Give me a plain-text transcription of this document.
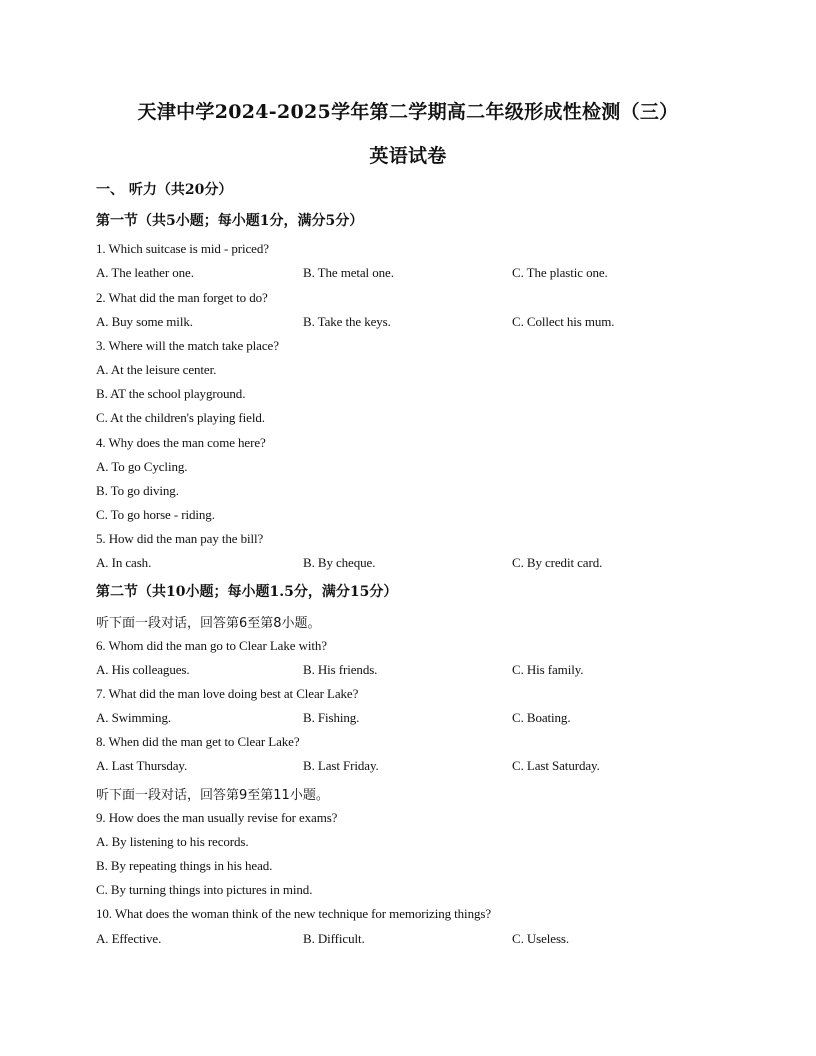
天津中学2024-2025学年第二学期高二年级形成性检测（三）
英语试卷
一、 听力（共20分）
第一节（共5小题；每小题1分，满分5分）
1. Which suitcase is mid - priced?
A. The leather one.	B. The metal one.	C. The plastic one.
2. What did the man forget to do?
A. Buy some milk.	B. Take the keys.	C. Collect his mum.
3. Where will the match take place?
A. At the leisure center.
B. AT the school playground.
C. At the children's playing field.
4. Why does the man come here?
A. To go Cycling.
B. To go diving.
C. To go horse - riding.
5. How did the man pay the bill?
A. In cash.	B. By cheque.	C. By credit card.
第二节（共10小题；每小题1.5分，满分15分）
听下面一段对话，回答第6至第8小题。
6. Whom did the man go to Clear Lake with?
A. His colleagues.	B. His friends.	C. His family.
7. What did the man love doing best at Clear Lake?
A. Swimming.	B. Fishing.	C. Boating.
8. When did the man get to Clear Lake?
A. Last Thursday.	B. Last Friday.	C. Last Saturday.
听下面一段对话，回答第9至第11小题。
9. How does the man usually revise for exams?
A. By listening to his records.
B. By repeating things in his head.
C. By turning things into pictures in mind.
10. What does the woman think of the new technique for memorizing things?
A. Effective.	B. Difficult.	C. Useless.
